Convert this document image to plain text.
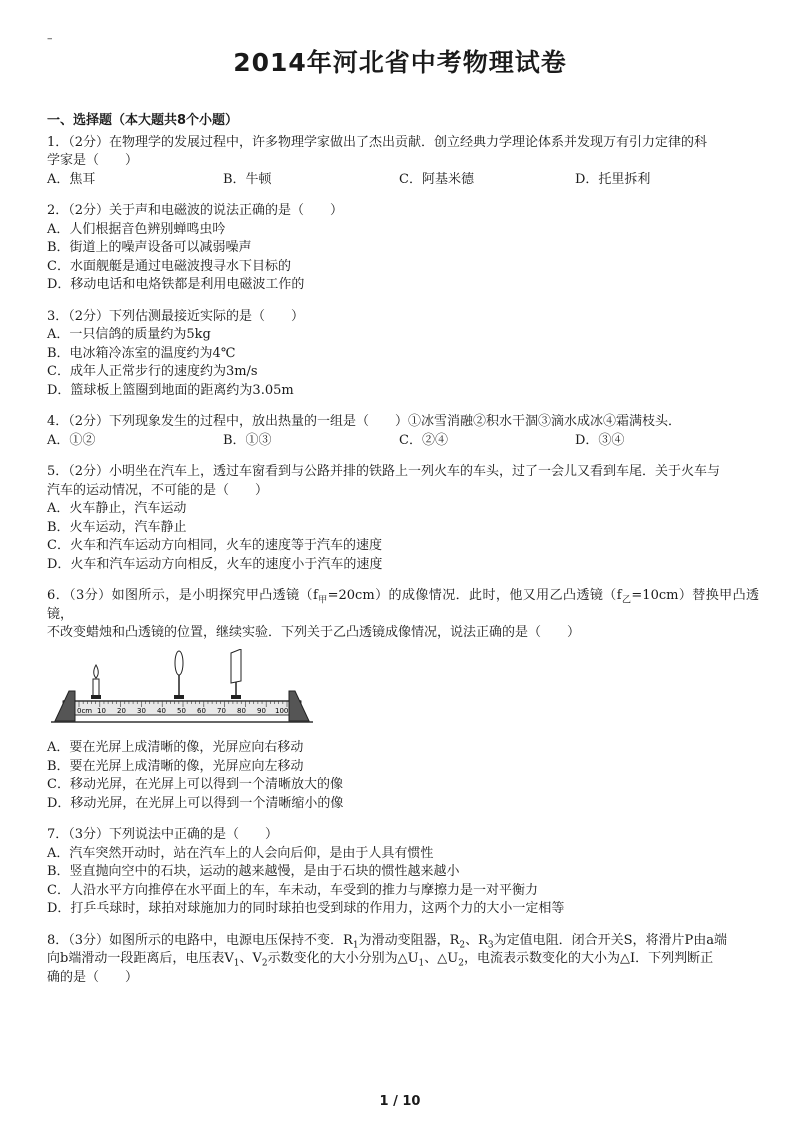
–
2014年河北省中考物理试卷
一、选择题（本大题共8个小题）
1．（2分）在物理学的发展过程中，许多物理学家做出了杰出贡献．创立经典力学理论体系并发现万有引力定律的科
学家是（　　）
A．焦耳	B．牛顿	C．阿基米德	D．托里拆利
2．（2分）关于声和电磁波的说法正确的是（　　）
A．人们根据音色辨别蝉鸣虫吟
B．街道上的噪声设备可以减弱噪声
C．水面舰艇是通过电磁波搜寻水下目标的
D．移动电话和电烙铁都是利用电磁波工作的
3．（2分）下列估测最接近实际的是（　　）
A．一只信鸽的质量约为5kg
B．电冰箱冷冻室的温度约为4℃
C．成年人正常步行的速度约为3m/s
D．篮球板上篮圈到地面的距离约为3.05m
4．（2分）下列现象发生的过程中，放出热量的一组是（　　）①冰雪消融②积水干涸③滴水成冰④霜满枝头．
A．①②	B．①③	C．②④	D．③④
5．（2分）小明坐在汽车上，透过车窗看到与公路并排的铁路上一列火车的车头，过了一会儿又看到车尾．关于火车与
汽车的运动情况，不可能的是（　　）
A．火车静止，汽车运动
B．火车运动，汽车静止
C．火车和汽车运动方向相同，火车的速度等于汽车的速度
D．火车和汽车运动方向相反，火车的速度小于汽车的速度
6．（3分）如图所示，是小明探究甲凸透镜$(f_甲=20cm)$的成像情况．此时，他又用乙凸透镜$(f_乙=10cm)$替换甲凸透镜，
不改变蜡烛和凸透镜的位置，继续实验．下列关于乙凸透镜成像情况，说法正确的是（　　）
0cm 10 20 30 40 50 60 70 80 90 100
A．要在光屏上成清晰的像，光屏应向右移动
B．要在光屏上成清晰的像，光屏应向左移动
C．移动光屏，在光屏上可以得到一个清晰放大的像
D．移动光屏，在光屏上可以得到一个清晰缩小的像
7．（3分）下列说法中正确的是（　　）
A．汽车突然开动时，站在汽车上的人会向后仰，是由于人具有惯性
B．竖直抛向空中的石块，运动的越来越慢，是由于石块的惯性越来越小
C．人沿水平方向推停在水平面上的车，车未动，车受到的推力与摩擦力是一对平衡力
D．打乒乓球时，球拍对球施加力的同时球拍也受到球的作用力，这两个力的大小一定相等
8．（3分）如图所示的电路中，电源电压保持不变．$R_1$为滑动变阻器，$R_2$、$R_3$为定值电阻．闭合开关S，将滑片P由a端
向b端滑动一段距离后，电压表$V_1$、$V_2$示数变化的大小分别为$\triangle U_1$、$\triangle U_2$，电流表示数变化的大小为△I．下列判断正
确的是（　　）
1 / 10
